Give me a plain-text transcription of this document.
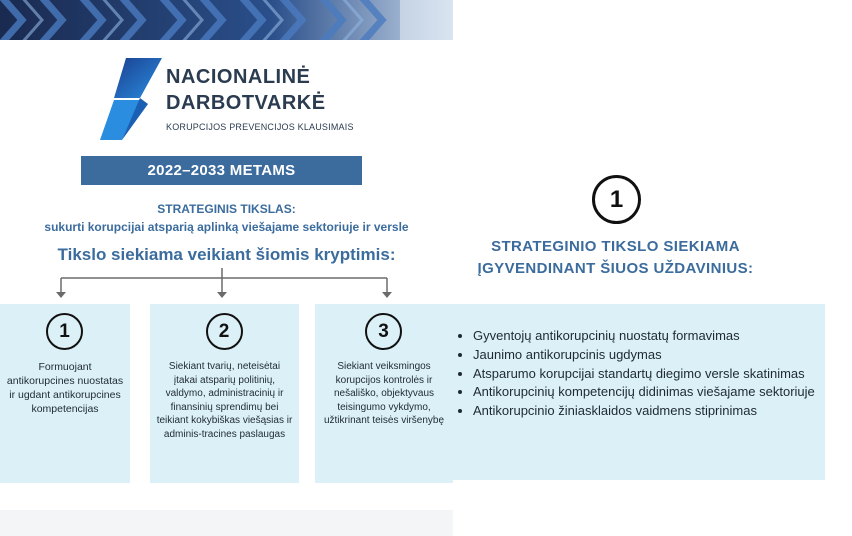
NACIONALINĖ
DARBOTVARKĖ
KORUPCIJOS PREVENCIJOS KLAUSIMAIS
2022–2033 METAMS
STRATEGINIS TIKSLAS:
sukurti korupcijai atsparią aplinką viešajame sektoriuje ir versle
Tikslo siekiama veikiant šiomis kryptimis:
1
Formuojant antikorupcines nuostatas ir ugdant antikorupcines kompetencijas
2
Siekiant tvarių, neteisėtai įtakai atsparių politinių, valdymo, administracinių ir finansinių sprendimų bei teikiant kokybiškas viešąsias ir adminis-tracines paslaugas
3
Siekiant veiksmingos korupcijos kontrolės ir nešališko, objektyvaus teisingumo vykdymo, užtikrinant teisės viršenybę
1
STRATEGINIO TIKSLO SIEKIAMA
ĮGYVENDINANT ŠIUOS UŽDAVINIUS:
• Gyventojų antikorupcinių nuostatų formavimas
• Jaunimo antikorupcinis ugdymas
• Atsparumo korupcijai standartų diegimo versle skatinimas
• Antikorupcinių kompetencijų didinimas viešajame sektoriuje
• Antikorupcinio žiniasklaidos vaidmens stiprinimas
